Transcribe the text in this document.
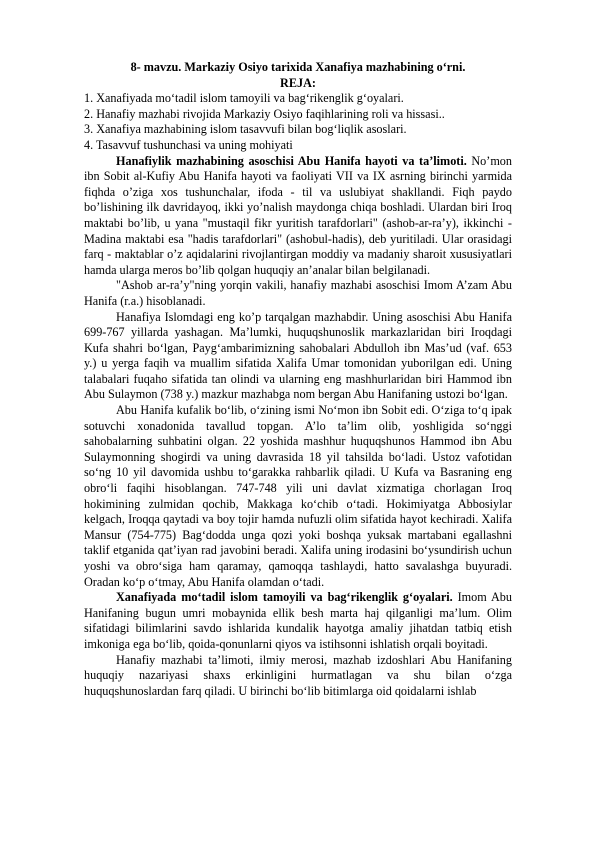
8- mavzu. Markaziy Osiyo tarixida Xanafiya mazhabining o‘rni.
REJA:
1. Xanafiyada mo‘tadil islom tamoyili va bag‘rikenglik g‘oyalari.
2. Hanafiy mazhabi rivojida Markaziy Osiyo faqihlarining roli va hissasi..
3. Xanafiya mazhabining islom tasavvufi bilan bog‘liqlik asoslari.
4. Tasavvuf tushunchasi va uning mohiyati

Hanafiylik mazhabining asoschisi Abu Hanifa hayoti va ta’limoti. No’mon ibn Sobit al-Kufiy Abu Hanifa hayoti va faoliyati VII va IX asrning birinchi yarmida fiqhda o’ziga xos tushunchalar, ifoda - til va uslubiyat shakllandi. Fiqh paydo bo’lishining ilk davridayoq, ikki yo’nalish maydonga chiqa boshladi. Ulardan biri Iroq maktabi bo’lib, u yana "mustaqil fikr yuritish tarafdorlari" (ashob-ar-ra’y), ikkinchi - Madina maktabi esa "hadis tarafdorlari" (ashobul-hadis), deb yuritiladi. Ular orasidagi farq - maktablar o’z aqidalarini rivojlantirgan moddiy va madaniy sharoit xususiyatlari hamda ularga meros bo’lib qolgan huquqiy an’analar bilan belgilanadi.

"Ashob ar-ra’y"ning yorqin vakili, hanafiy mazhabi asoschisi Imom A’zam Abu Hanifa (r.a.) hisoblanadi.

Hanafiya Islomdagi eng ko’p tarqalgan mazhabdir. Uning asoschisi Abu Hanifa 699-767 yillarda yashagan. Ma’lumki, huquqshunoslik markazlaridan biri Iroqdagi Kufa shahri bo‘lgan, Payg‘ambarimizning sahobalari Abdulloh ibn Mas’ud (vaf. 653 y.) u yerga faqih va muallim sifatida Xalifa Umar tomonidan yuborilgan edi. Uning talabalari fuqaho sifatida tan olindi va ularning eng mashhurlaridan biri Hammod ibn Abu Sulaymon (738 y.) mazkur mazhabga nom bergan Abu Hanifaning ustozi bo‘lgan.

Abu Hanifa kufalik bo‘lib, o‘zining ismi No‘mon ibn Sobit edi. O‘ziga to‘q ipak sotuvchi xonadonida tavallud topgan. A’lo ta’lim olib, yoshligida so‘nggi sahobalarning suhbatini olgan. 22 yoshida mashhur huquqshunos Hammod ibn Abu Sulaymonning shogirdi va uning davrasida 18 yil tahsilda bo‘ladi. Ustoz vafotidan so‘ng 10 yil davomida ushbu to‘garakka rahbarlik qiladi. U Kufa va Basraning eng obro‘li faqihi hisoblangan. 747-748 yili uni davlat xizmatiga chorlagan Iroq hokimining zulmidan qochib, Makkaga ko‘chib o‘tadi. Hokimiyatga Abbosiylar kelgach, Iroqqa qaytadi va boy tojir hamda nufuzli olim sifatida hayot kechiradi. Xalifa Mansur (754-775) Bag‘dodda unga qozi yoki boshqa yuksak martabani egallashni taklif etganida qat’iyan rad javobini beradi. Xalifa uning irodasini bo‘ysundirish uchun yoshi va obro‘siga ham qaramay, qamoqqa tashlaydi, hatto savalashga buyuradi. Oradan ko‘p o‘tmay, Abu Hanifa olamdan o‘tadi.

Xanafiyada mo‘tadil islom tamoyili va bag‘rikenglik g‘oyalari. Imom Abu Hanifaning bugun umri mobaynida ellik besh marta haj qilganligi ma’lum. Olim sifatidagi bilimlarini savdo ishlarida kundalik hayotga amaliy jihatdan tatbiq etish imkoniga ega bo‘lib, qoida-qonunlarni qiyos va istihsonni ishlatish orqali boyitadi.

Hanafiy mazhabi ta’limoti, ilmiy merosi, mazhab izdoshlari Abu Hanifaning huquqiy nazariyasi shaxs erkinligini hurmatlagan va shu bilan o‘zga huquqshunoslardan farq qiladi. U birinchi bo‘lib bitimlarga oid qoidalarni ishlab
